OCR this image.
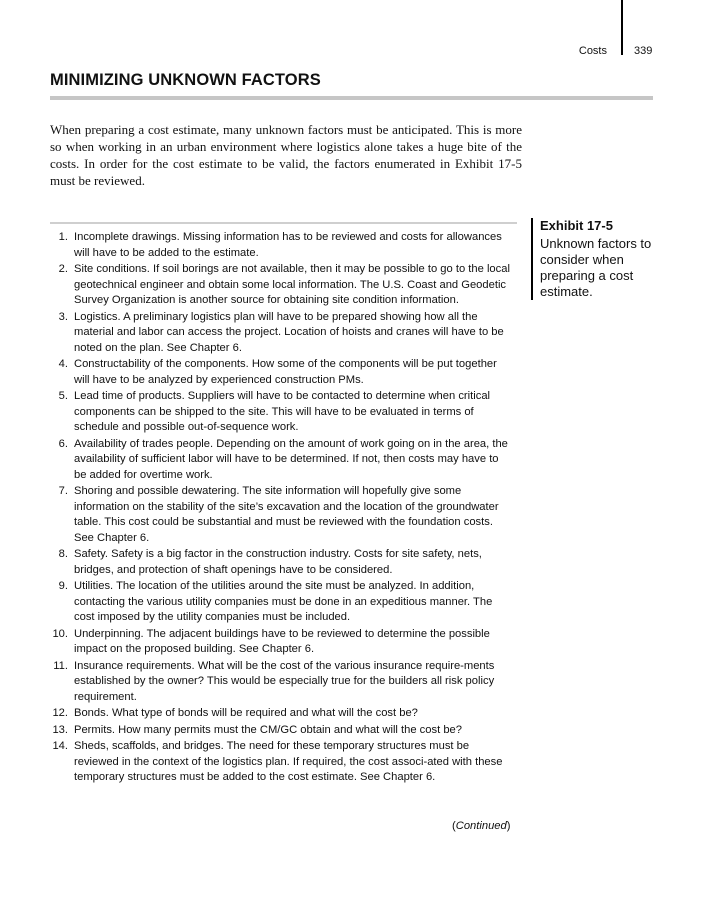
Costs 339
MINIMIZING UNKNOWN FACTORS

When preparing a cost estimate, many unknown factors must be anticipated. This is more so when working in an urban environment where logistics alone takes a huge bite of the costs. In order for the cost estimate to be valid, the factors enumerated in Exhibit 17-5 must be reviewed.

1. Incomplete drawings. Missing information has to be reviewed and costs for allowances will have to be added to the estimate.
2. Site conditions. If soil borings are not available, then it may be possible to go to the local geotechnical engineer and obtain some local information. The U.S. Coast and Geodetic Survey Organization is another source for obtaining site condition information.
3. Logistics. A preliminary logistics plan will have to be prepared showing how all the material and labor can access the project. Location of hoists and cranes will have to be noted on the plan. See Chapter 6.
4. Constructability of the components. How some of the components will be put together will have to be analyzed by experienced construction PMs.
5. Lead time of products. Suppliers will have to be contacted to determine when critical components can be shipped to the site. This will have to be evaluated in terms of schedule and possible out-of-sequence work.
6. Availability of trades people. Depending on the amount of work going on in the area, the availability of sufficient labor will have to be determined. If not, then costs may have to be added for overtime work.
7. Shoring and possible dewatering. The site information will hopefully give some information on the stability of the site’s excavation and the location of the groundwater table. This cost could be substantial and must be reviewed with the foundation costs. See Chapter 6.
8. Safety. Safety is a big factor in the construction industry. Costs for site safety, nets, bridges, and protection of shaft openings have to be considered.
9. Utilities. The location of the utilities around the site must be analyzed. In addition, contacting the various utility companies must be done in an expeditious manner. The cost imposed by the utility companies must be included.
10. Underpinning. The adjacent buildings have to be reviewed to determine the possible impact on the proposed building. See Chapter 6.
11. Insurance requirements. What will be the cost of the various insurance require-ments established by the owner? This would be especially true for the builders all risk policy requirement.
12. Bonds. What type of bonds will be required and what will the cost be?
13. Permits. How many permits must the CM/GC obtain and what will the cost be?
14. Sheds, scaffolds, and bridges. The need for these temporary structures must be reviewed in the context of the logistics plan. If required, the cost associ-ated with these temporary structures must be added to the cost estimate. See Chapter 6.
(Continued)
Exhibit 17-5
Unknown factors to consider when preparing a cost estimate.
